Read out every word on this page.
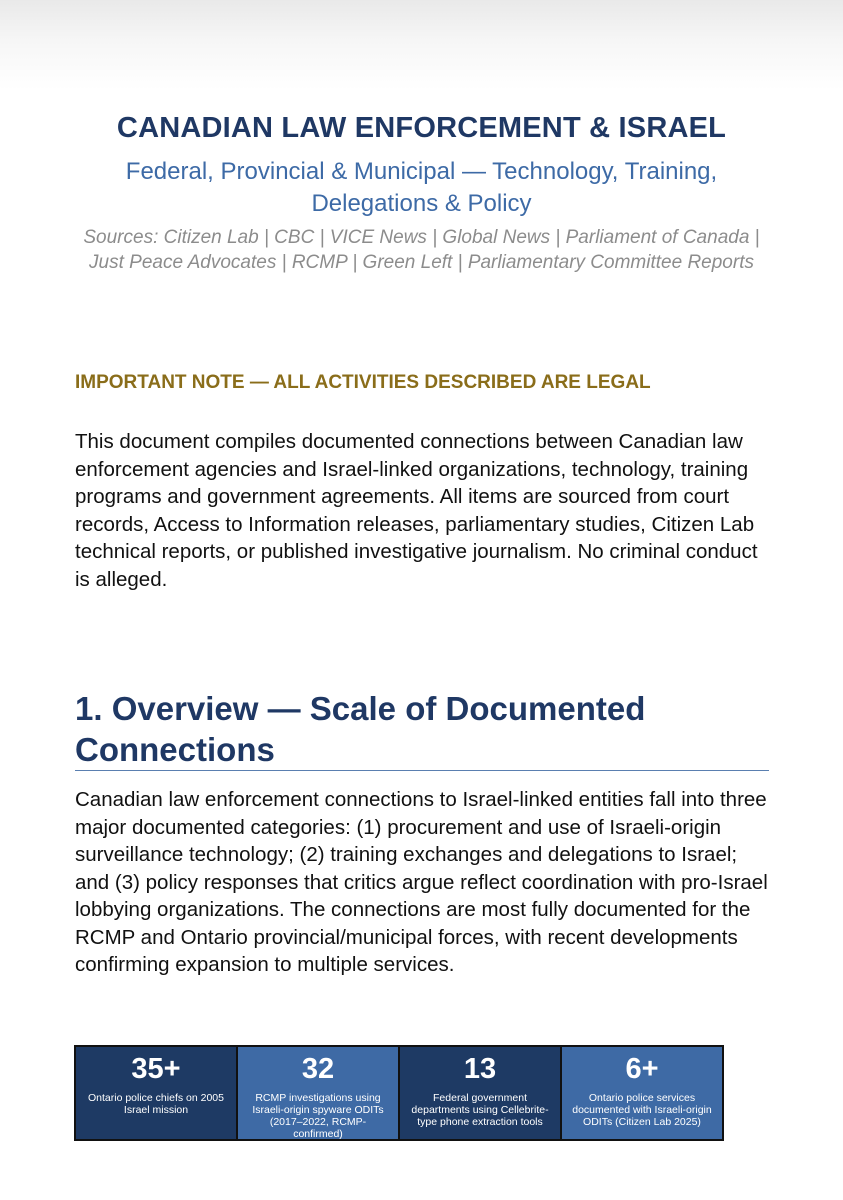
CANADIAN LAW ENFORCEMENT & ISRAEL

Federal, Provincial & Municipal — Technology, Training, Delegations & Policy

Sources: Citizen Lab | CBC | VICE News | Global News | Parliament of Canada | Just Peace Advocates | RCMP | Green Left | Parliamentary Committee Reports

IMPORTANT NOTE — ALL ACTIVITIES DESCRIBED ARE LEGAL

This document compiles documented connections between Canadian law enforcement agencies and Israel-linked organizations, technology, training programs and government agreements. All items are sourced from court records, Access to Information releases, parliamentary studies, Citizen Lab technical reports, or published investigative journalism. No criminal conduct is alleged.

1. Overview — Scale of Documented Connections

Canadian law enforcement connections to Israel-linked entities fall into three major documented categories: (1) procurement and use of Israeli-origin surveillance technology; (2) training exchanges and delegations to Israel; and (3) policy responses that critics argue reflect coordination with pro-Israel lobbying organizations. The connections are most fully documented for the RCMP and Ontario provincial/municipal forces, with recent developments confirming expansion to multiple services.

35+
Ontario police chiefs on 2005 Israel mission
32
RCMP investigations using Israeli-origin spyware ODITs (2017–2022, RCMP-confirmed)
13
Federal government departments using Cellebrite-type phone extraction tools
6+
Ontario police services documented with Israeli-origin ODITs (Citizen Lab 2025)
